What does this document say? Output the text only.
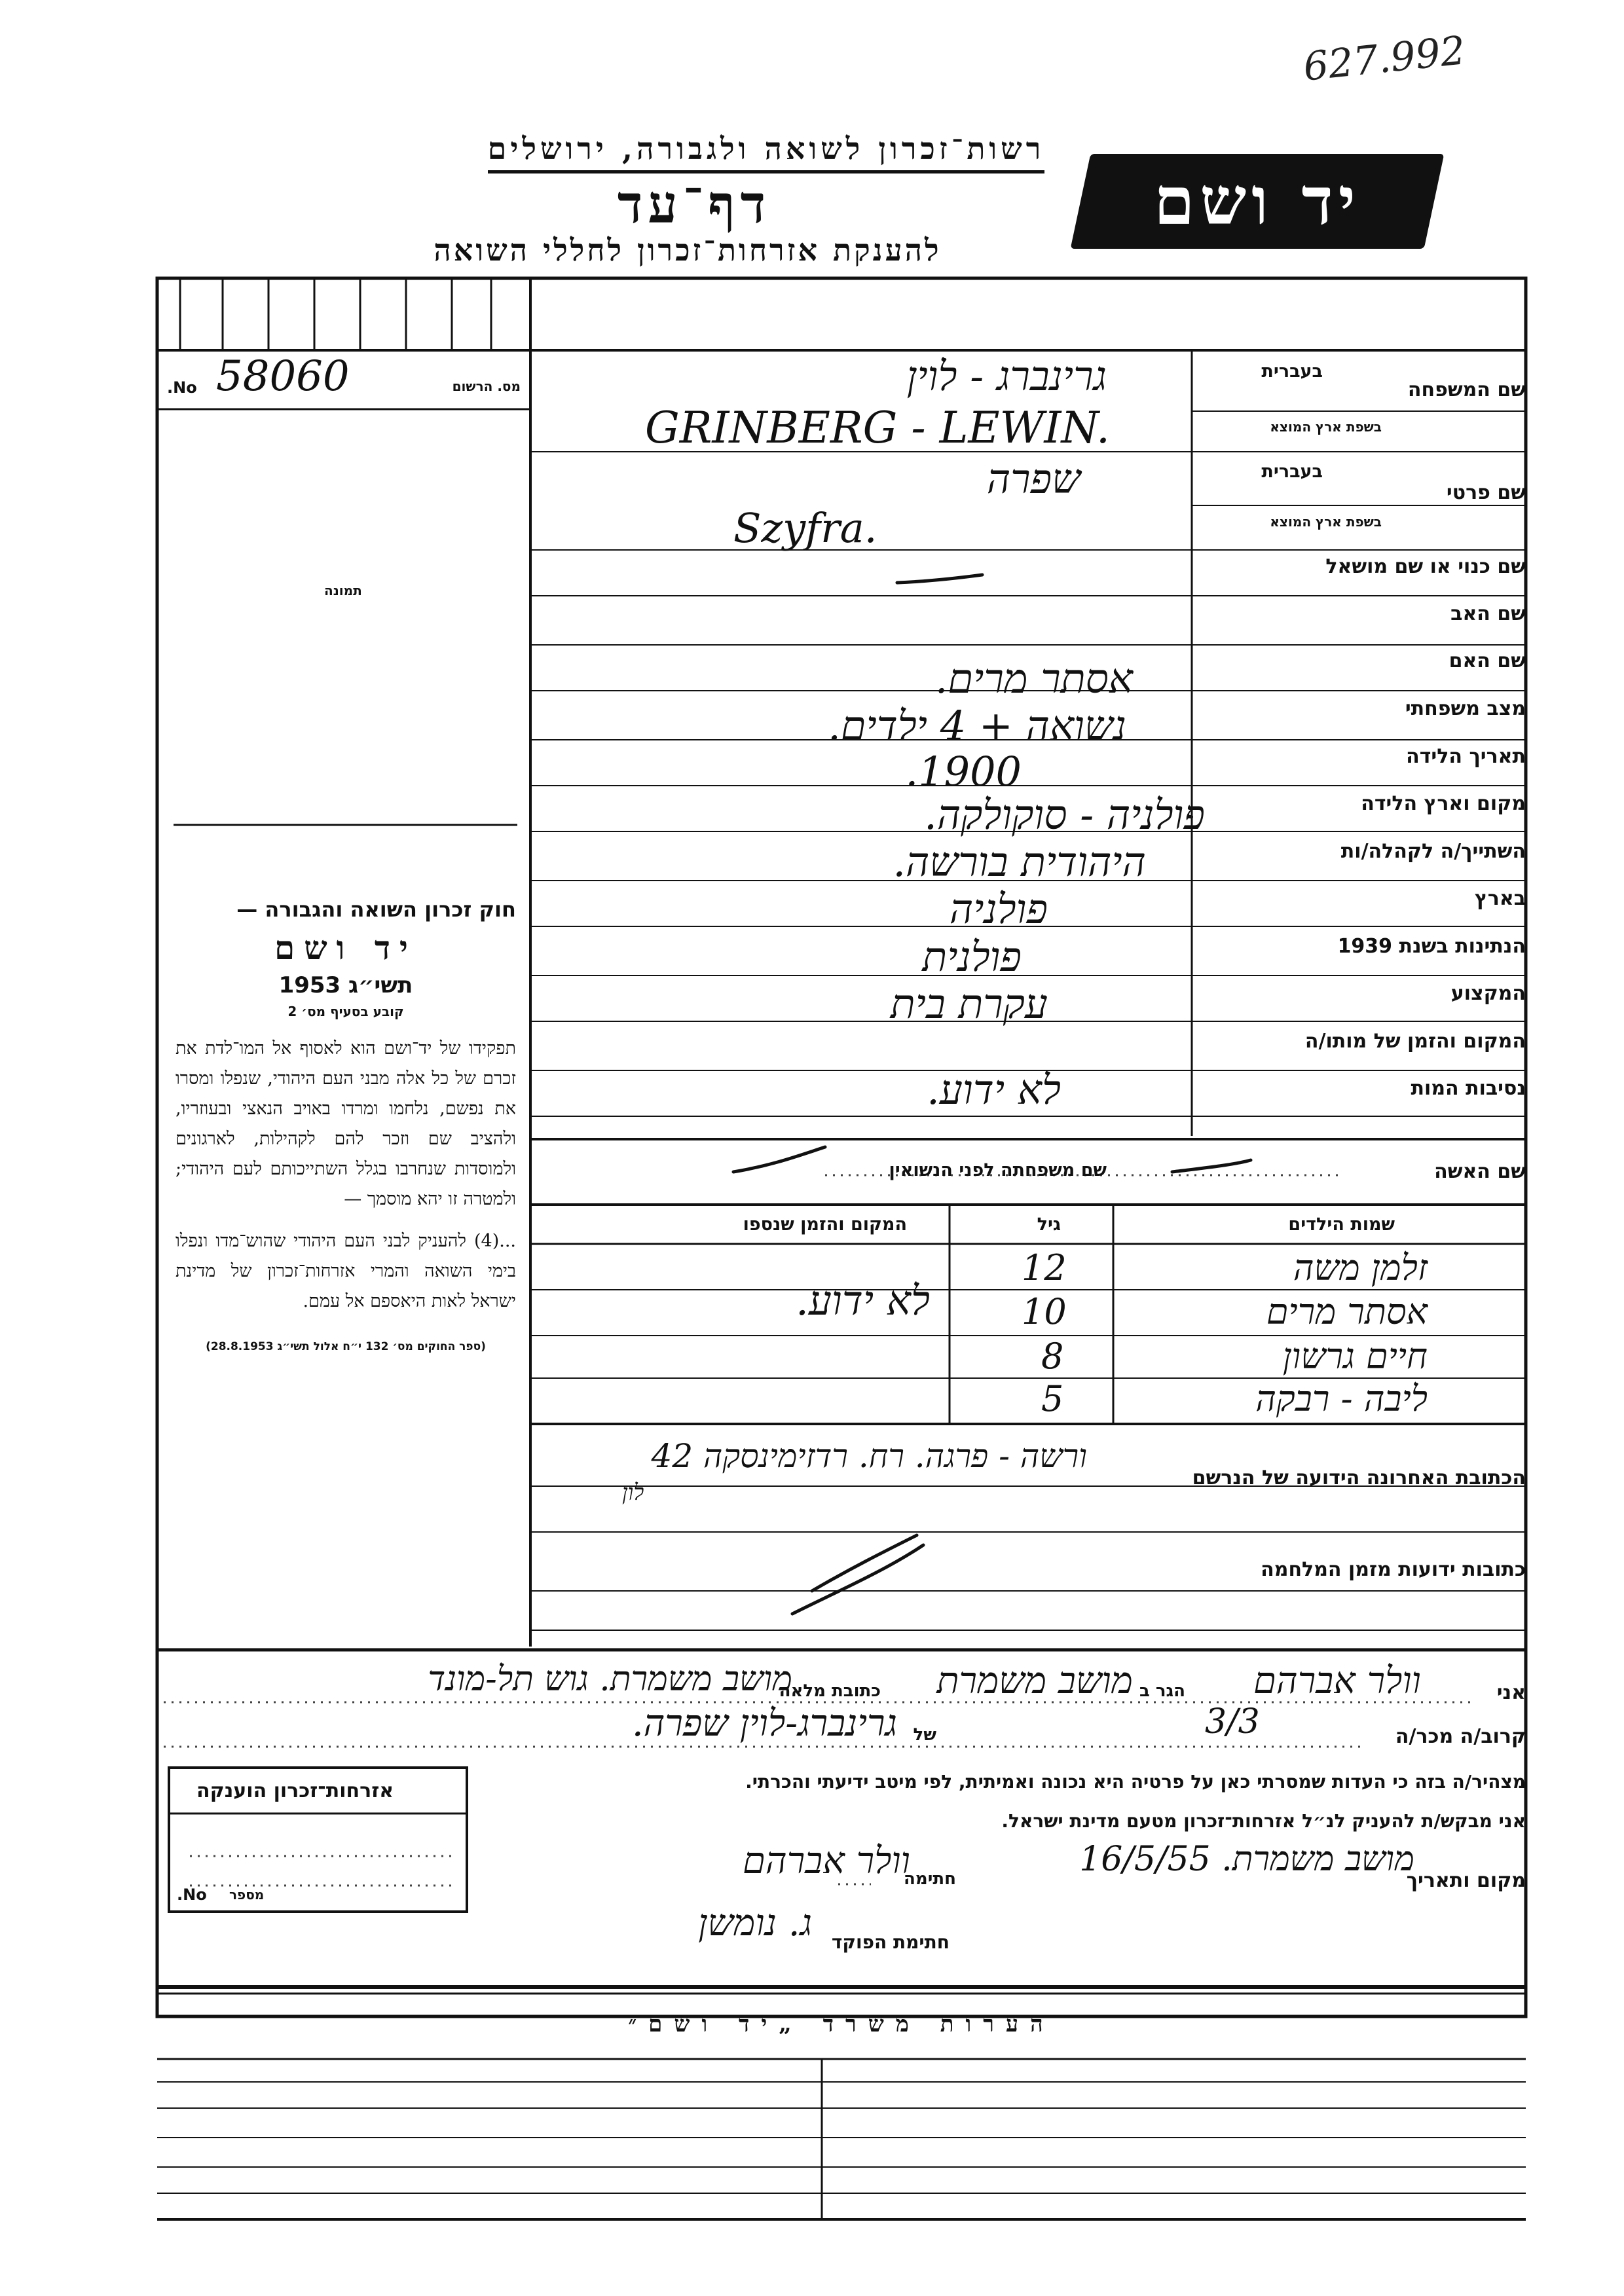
627.992
רשות־זכרון לשואה ולגבורה, ירושלים
דף־עד
להענקת אזרחות־זכרון לחללי השואה
יד ושם
מס. הרשום
No. 58060
תמונה
חוק זכרון השואה והגבורה —
יד ושם
תשי״ג 1953
קובע בסעיף מס׳ 2

תפקידו של יד־ושם הוא לאסוף אל המו־לדת את זכרם של כל אלה מבני העם היהודי, שנפלו ומסרו את נפשם, נלחמו ומרדו באויב הנאצי ובעוזריו, ולהציב שם וזכר להם לקהילות, לארגונים ולמוסדות שנחרבו בגלל השתייכותם לעם היהודי; ולמטרה זו יהא מוסמך —

...(4) להעניק לבני העם היהודי שהוש־מדו ונפלו בימי השואה והמרי אזרחות־זכרון של מדינת ישראל לאות היאספם אל עמם.

(ספר החוקים מס׳ 132 י״ח אלול תשי״ג 28.8.1953)
שם המשפחה
בעברית
בשפת ארץ המוצא
שם פרטי
בעברית
בשפת ארץ המוצא
שם כנוי או שם מושאל
שם האב
שם האם
מצב משפחתי
תאריך הלידה
מקום וארץ הלידה
השתייך/ה לקהלה/ות
בארץ
הנתינות בשנת 1939
המקצוע
המקום והזמן של מותו/ה
נסיבות המות
גרינברג - לוין
GRINBERG - LEWIN.
שפרה
Szyfra.
אסתר מרים.
נשואה + 4 ילדים.
1900.
פולניה - סוקולקה.
היהודית בורשה.
פולניה
פולנית
עקרת בית
לא ידוע.
שם האשה
שם משפחתה לפני הנשואין
שמות הילדים
גיל
המקום והזמן שנספו
זלמן משה
אסתר מרים
חיים גרשון
ליבה - רבקה
12
10
8
5
לא ידוע.
הכתובת האחרונה הידועה של הנרשם
ורשה - פרגה. רח. רדזימינסקה 42
לון
כתובות ידועות מזמן המלחמה
אני
וולר אברהם
הגר ב
מושב משמרת
כתובת מלאה
מושב משמרת. גוש תל-מונד
קרוב/ה מכר/ה
3/3
של
גרינברג-לוין שפרה.
מצהיר/ה בזה כי העדות שמסרתי כאן על פרטיה היא נכונה ואמיתית, לפי מיטב ידיעתי והכרתי.
אני מבקש/ת להעניק לנ״ל אזרחות־זכרון מטעם מדינת ישראל.
מקום ותאריך
מושב משמרת. 16/5/55
חתימה
וולר אברהם
חתימת הפוקד
ג. נומשן
אזרחות־זכרון הוענקה
מספר
No.
הערות משרד „יד ושם״
